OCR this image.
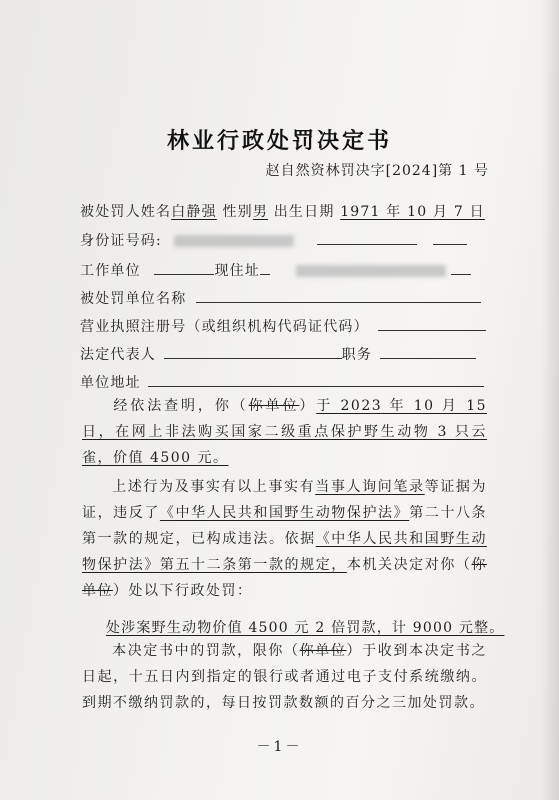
林业行政处罚决定书
赵自然资林罚决字[2024]第 1 号
被处罚人姓名白静强 性别男 出生日期 1971 年 10 月 7 日
身份证号码:
工作单位	现住址
被处罚单位名称
营业执照注册号（或组织机构代码证代码）
法定代表人	职务
单位地址
经依法查明，你（你单位）于 2023 年 10 月 15 日，在网上非法购买国家二级重点保护野生动物 3 只云雀，价值 4500 元。
上述行为及事实有以上事实有当事人询问笔录等证据为证，违反了《中华人民共和国野生动物保护法》第二十八条第一款的规定，已构成违法。依据《中华人民共和国野生动物保护法》第五十二条第一款的规定，本机关决定对你（你单位）处以下行政处罚：
处涉案野生动物价值 4500 元 2 倍罚款，计 9000 元整。
本决定书中的罚款，限你（你单位）于收到本决定书之日起，十五日内到指定的银行或者通过电子支付系统缴纳。到期不缴纳罚款的，每日按罚款数额的百分之三加处罚款。
－1－
